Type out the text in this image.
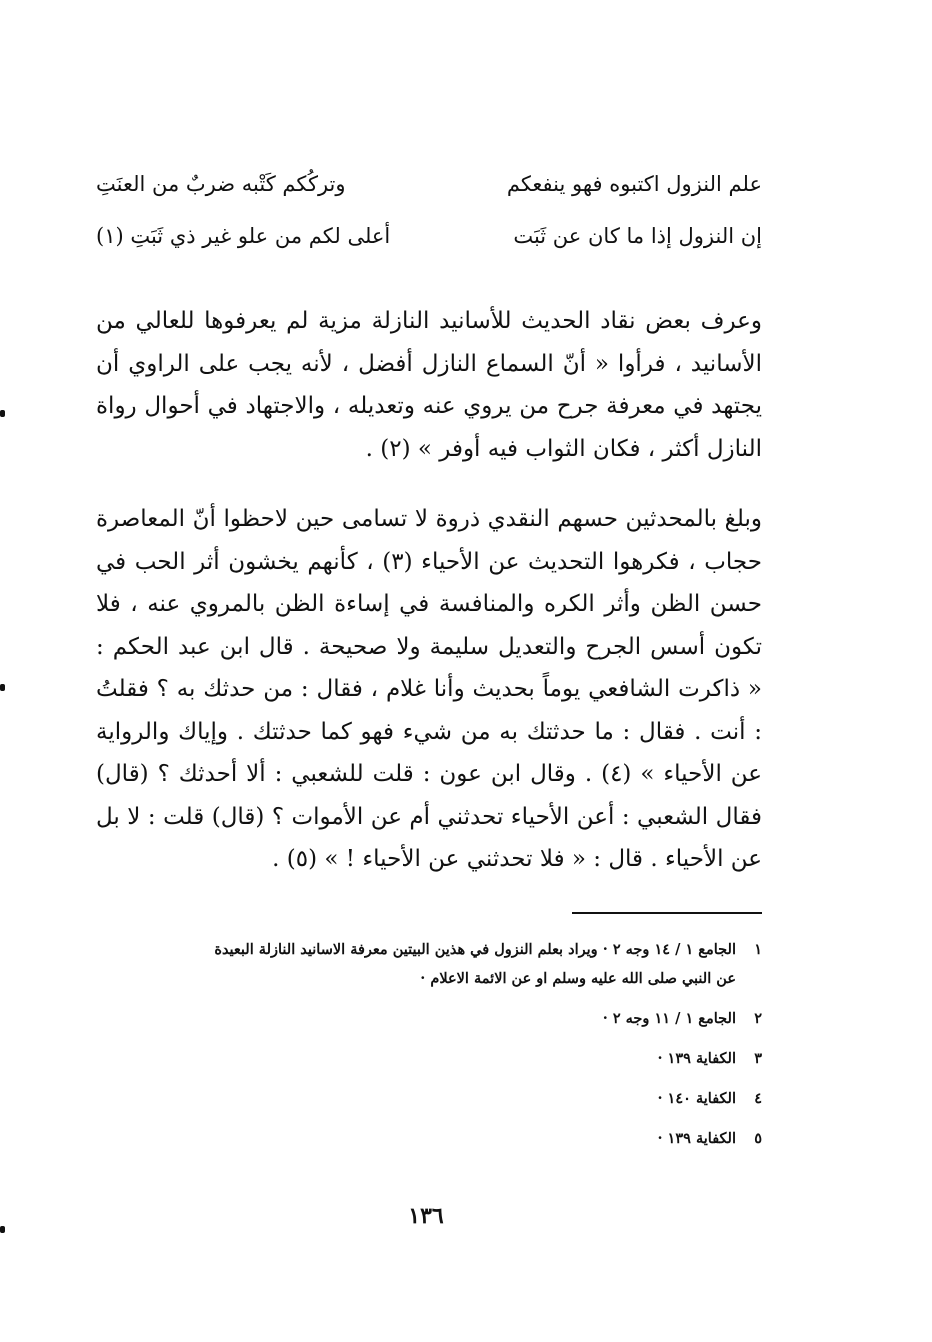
علم النزول اكتبوه فهو ينفعكم
وتركُكم كَتْبه ضربٌ من العنَتِ
إن النزول إذا ما كان عن ثَبَت
أعلى لكم من علو غير ذي ثَبَتِ (١)

وعرف بعض نقاد الحديث للأسانيد النازلة مزية لم يعرفوها للعالي من الأسانيد ، فرأوا « أنّ السماع النازل أفضل ، لأنه يجب على الراوي أن يجتهد في معرفة جرح من يروي عنه وتعديله ، والاجتهاد في أحوال رواة النازل أكثر ، فكان الثواب فيه أوفر » (٢) .

وبلغ بالمحدثين حسهم النقدي ذروة لا تسامى حين لاحظوا أنّ المعاصرة حجاب ، فكرهوا التحديث عن الأحياء (٣) ، كأنهم يخشون أثر الحب في حسن الظن وأثر الكره والمنافسة في إساءة الظن بالمروي عنه ، فلا تكون أسس الجرح والتعديل سليمة ولا صحيحة . قال ابن عبد الحكم : « ذاكرت الشافعي يوماً بحديث وأنا غلام ، فقال : من حدثك به ؟ فقلتُ : أنت . فقال : ما حدثتك به من شيء فهو كما حدثتك . وإياك والرواية عن الأحياء » (٤) . وقال ابن عون : قلت للشعبي : ألا أحدثك ؟ (قال) فقال الشعبي : أعن الأحياء تحدثني أم عن الأموات ؟ (قال) قلت : لا بل عن الأحياء . قال : « فلا تحدثني عن الأحياء ! » (٥) .

١الجامع ١ / ١٤ وجه ٢ · ويراد بعلم النزول في هذين البيتين معرفة الاسانيد النازلة البعيدة
عن النبي صلى الله عليه وسلم او عن الائمة الاعلام ·
٢الجامع ١ / ١١ وجه ٢ ·
٣الكفاية ١٣٩ ·
٤الكفاية ١٤٠ ·
٥الكفاية ١٣٩ ·
١٣٦
